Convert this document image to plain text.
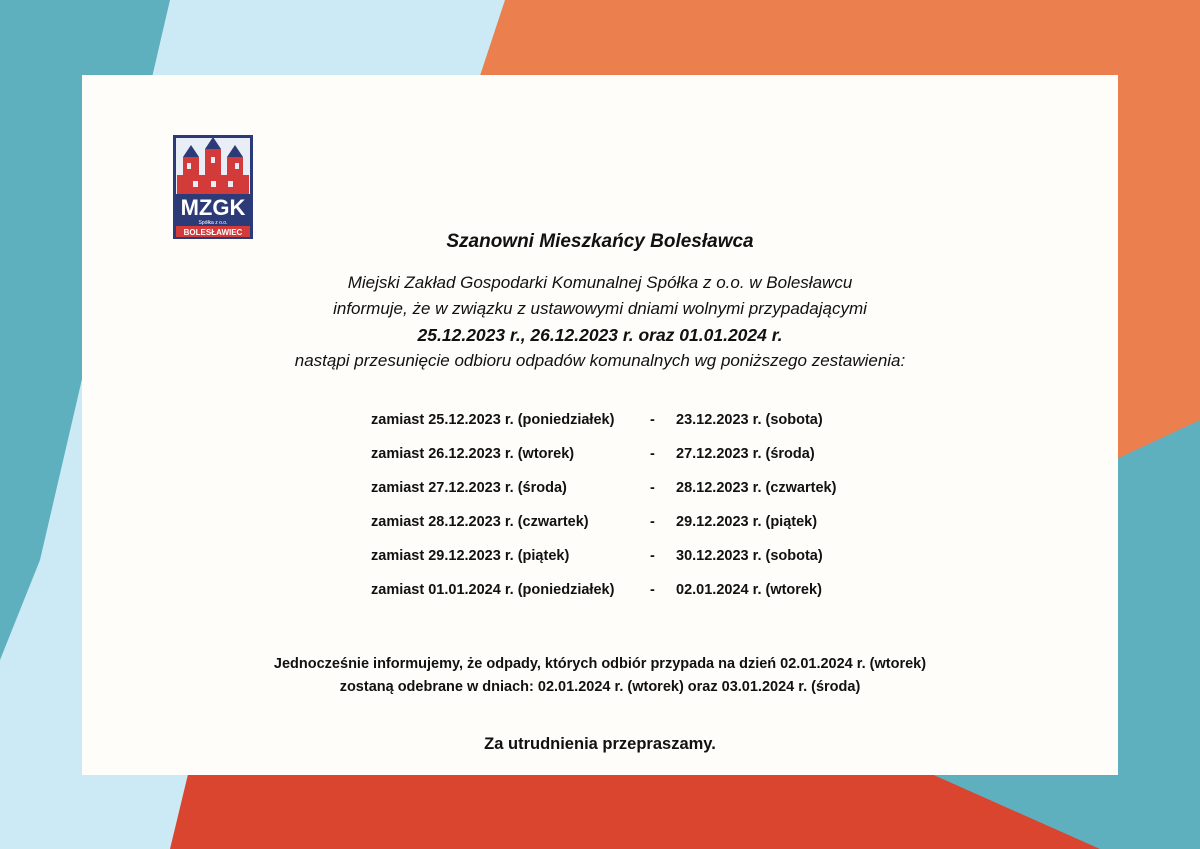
MZGK
Spółka z o.o.
BOLESŁAWIEC	Szanowni Mieszkańcy Bolesławca
Miejski Zakład Gospodarki Komunalnej Spółka z o.o. w Bolesławcu
informuje, że w związku z ustawowymi dniami wolnymi przypadającymi
25.12.2023 r., 26.12.2023 r. oraz 01.01.2024 r.
nastąpi przesunięcie odbioru odpadów komunalnych wg poniższego zestawienia:
zamiast 25.12.2023 r. (poniedziałek) - 23.12.2023 r. (sobota)
zamiast 26.12.2023 r. (wtorek)	- 27.12.2023 r. (środa)
zamiast 27.12.2023 r. (środa)	- 28.12.2023 r. (czwartek)
zamiast 28.12.2023 r. (czwartek)	- 29.12.2023 r. (piątek)
zamiast 29.12.2023 r. (piątek)	- 30.12.2023 r. (sobota)
zamiast 01.01.2024 r. (poniedziałek) - 02.01.2024 r. (wtorek)
Jednocześnie informujemy, że odpady, których odbiór przypada na dzień 02.01.2024 r. (wtorek)
zostaną odebrane w dniach: 02.01.2024 r. (wtorek) oraz 03.01.2024 r. (środa)
Za utrudnienia przepraszamy.
